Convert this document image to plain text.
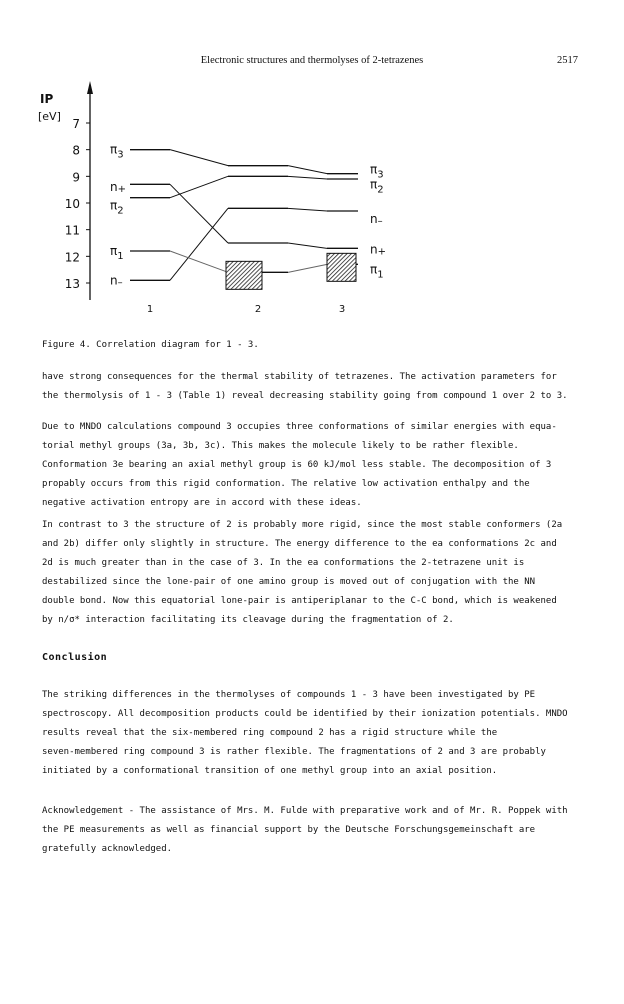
Electronic structures and thermolyses of 2-tetrazenes	2517
IP
[eV]
7
8
9
10
11
12
13
$\pi_3$
n+
$\pi_2$
$\pi_1$
n–
$\pi_3$
$\pi_2$
n–
n+
$\pi_1$
1	2	3
Figure 4. Correlation diagram for 1 - 3.
have strong consequences for the thermal stability of tetrazenes. The activation parameters for
the thermolysis of 1 - 3 (Table 1) reveal decreasing stability going from compound 1 over 2 to 3.
Due to MNDO calculations compound 3 occupies three conformations of similar energies with equa-
torial methyl groups (3a, 3b, 3c). This makes the molecule likely to be rather flexible.
Conformation 3e bearing an axial methyl group is 60 kJ/mol less stable. The decomposition of 3
propably occurs from this rigid conformation. The relative low activation enthalpy and the
negative activation entropy are in accord with these ideas.
In contrast to 3 the structure of 2 is probably more rigid, since the most stable conformers (2a
and 2b) differ only slightly in structure. The energy difference to the ea conformations 2c and
2d is much greater than in the case of 3. In the ea conformations the 2-tetrazene unit is
destabilized since the lone-pair of one amino group is moved out of conjugation with the NN
double bond. Now this equatorial lone-pair is antiperiplanar to the C-C bond, which is weakened
by n/σ* interaction facilitating its cleavage during the fragmentation of 2.
Conclusion
The striking differences in the thermolyses of compounds 1 - 3 have been investigated by PE
spectroscopy. All decomposition products could be identified by their ionization potentials. MNDO
results reveal that the six-membered ring compound 2 has a rigid structure while the
seven-membered ring compound 3 is rather flexible. The fragmentations of 2 and 3 are probably
initiated by a conformational transition of one methyl group into an axial position.
Acknowledgement - The assistance of Mrs. M. Fulde with preparative work and of Mr. R. Poppek with
the PE measurements as well as financial support by the Deutsche Forschungsgemeinschaft are
gratefully acknowledged.
